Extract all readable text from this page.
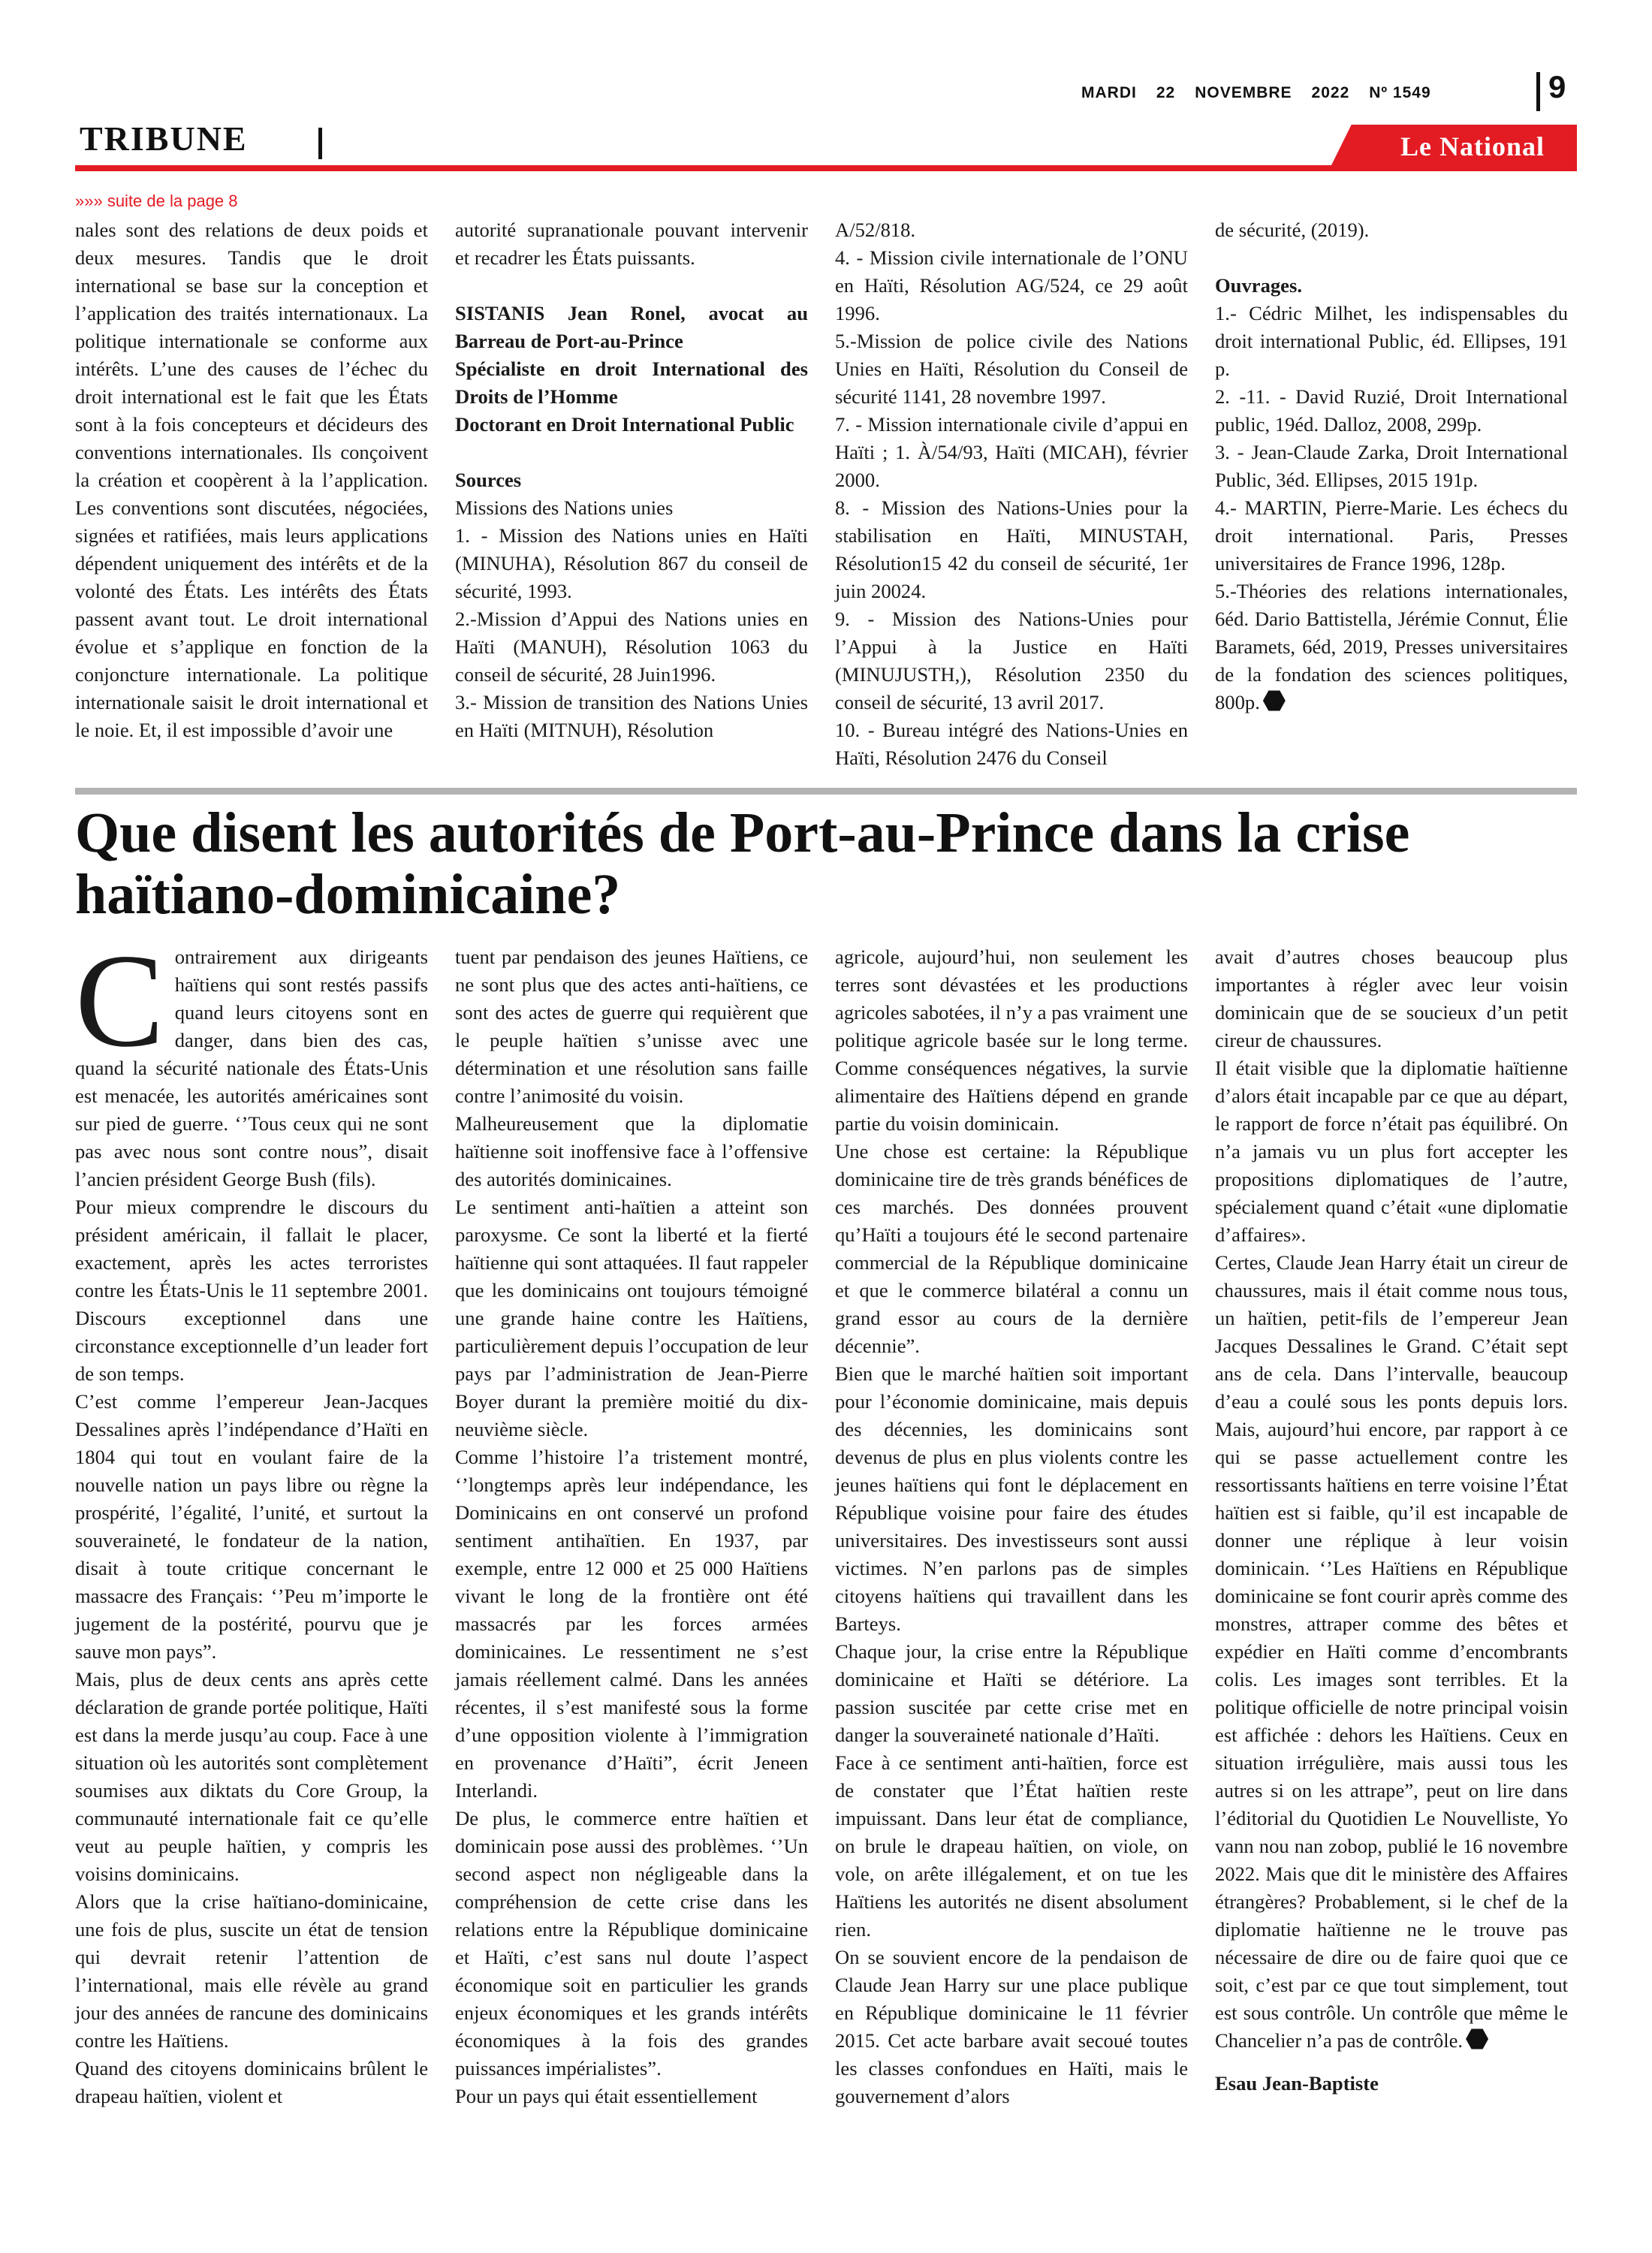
MARDI 22 NOVEMBRE 2022 Nº 1549	9
TRIBUNE	Le National
»»» suite de la page 8

nales sont des relations de deux poids et deux mesures. Tandis que le droit international se base sur la conception et l’application des traités internationaux. La politique internationale se conforme aux intérêts. L’une des causes de l’échec du droit international est le fait que les États sont à la fois concepteurs et décideurs des conventions internationales. Ils conçoivent la création et coopèrent à la l’application. Les conventions sont discutées, négociées, signées et ratifiées, mais leurs applications dépendent uniquement des intérêts et de la volonté des États. Les intérêts des États passent avant tout. Le droit international évolue et s’applique en fonction de la conjoncture internationale. La politique internationale saisit le droit international et le noie. Et, il est impossible d’avoir une

autorité supranationale pouvant intervenir et recadrer les États puissants.

SISTANIS Jean Ronel, avocat au Barreau de Port-au-Prince

Spécialiste en droit International des Droits de l’Homme

Doctorant en Droit International Public

Sources

Missions des Nations unies

1. - Mission des Nations unies en Haïti (MINUHA), Résolution 867 du conseil de sécurité, 1993.

2.-Mission d’Appui des Nations unies en Haïti (MANUH), Résolution 1063 du conseil de sécurité, 28 Juin1996.

3.- Mission de transition des Nations Unies en Haïti (MITNUH), Résolution

A/52/818.

4. - Mission civile internationale de l’ONU en Haïti, Résolution AG/524, ce 29 août 1996.

5.-Mission de police civile des Nations Unies en Haïti, Résolution du Conseil de sécurité 1141, 28 novembre 1997.

7. - Mission internationale civile d’appui en Haïti ; 1. À/54/93, Haïti (MICAH), février 2000.

8. - Mission des Nations-Unies pour la stabilisation en Haïti, MINUSTAH, Résolution15 42 du conseil de sécurité, 1er juin 20024.

9. - Mission des Nations-Unies pour l’Appui à la Justice en Haïti (MINUJUSTH,), Résolution 2350 du conseil de sécurité, 13 avril 2017.

10. - Bureau intégré des Nations-Unies en Haïti, Résolution 2476 du Conseil

de sécurité, (2019).

Ouvrages.

1.- Cédric Milhet, les indispensables du droit international Public, éd. Ellipses, 191 p.

2. -11. - David Ruzié, Droit International public, 19éd. Dalloz, 2008, 299p.

3. - Jean-Claude Zarka, Droit International Public, 3éd. Ellipses, 2015 191p.

4.- MARTIN, Pierre-Marie. Les échecs du droit international. Paris, Presses universitaires de France 1996, 128p.

5.-Théories des relations internationales, 6éd. Dario Battistella, Jérémie Connut, Élie Baramets, 6éd, 2019, Presses universitaires de la fondation des sciences politiques, 800p.

Que disent les autorités de Port-au-Prince dans la crise haïtiano-dominicaine?

Contrairement aux dirigeants haïtiens qui sont restés passifs quand leurs citoyens sont en danger, dans bien des cas, quand la sécurité nationale des États-Unis est menacée, les autorités américaines sont sur pied de guerre. ‘’Tous ceux qui ne sont pas avec nous sont contre nous”, disait l’ancien président George Bush (fils).

Pour mieux comprendre le discours du président américain, il fallait le placer, exactement, après les actes terroristes contre les États-Unis le 11 septembre 2001. Discours exceptionnel dans une circonstance exceptionnelle d’un leader fort de son temps.

C’est comme l’empereur Jean-Jacques Dessalines après l’indépendance d’Haïti en 1804 qui tout en voulant faire de la nouvelle nation un pays libre ou règne la prospérité, l’égalité, l’unité, et surtout la souveraineté, le fondateur de la nation, disait à toute critique concernant le massacre des Français: ‘’Peu m’importe le jugement de la postérité, pourvu que je sauve mon pays”.

Mais, plus de deux cents ans après cette déclaration de grande portée politique, Haïti est dans la merde jusqu’au coup. Face à une situation où les autorités sont complètement soumises aux diktats du Core Group, la communauté internationale fait ce qu’elle veut au peuple haïtien, y compris les voisins dominicains.

Alors que la crise haïtiano-dominicaine, une fois de plus, suscite un état de tension qui devrait retenir l’attention de l’international, mais elle révèle au grand jour des années de rancune des dominicains contre les Haïtiens.

Quand des citoyens dominicains brûlent le drapeau haïtien, violent et

tuent par pendaison des jeunes Haïtiens, ce ne sont plus que des actes anti-haïtiens, ce sont des actes de guerre qui requièrent que le peuple haïtien s’unisse avec une détermination et une résolution sans faille contre l’animosité du voisin.

Malheureusement que la diplomatie haïtienne soit inoffensive face à l’offensive des autorités dominicaines.

Le sentiment anti-haïtien a atteint son paroxysme. Ce sont la liberté et la fierté haïtienne qui sont attaquées. Il faut rappeler que les dominicains ont toujours témoigné une grande haine contre les Haïtiens, particulièrement depuis l’occupation de leur pays par l’administration de Jean-Pierre Boyer durant la première moitié du dix-neuvième siècle.

Comme l’histoire l’a tristement montré, ‘’longtemps après leur indépendance, les Dominicains en ont conservé un profond sentiment antihaïtien. En 1937, par exemple, entre 12 000 et 25 000 Haïtiens vivant le long de la frontière ont été massacrés par les forces armées dominicaines. Le ressentiment ne s’est jamais réellement calmé. Dans les années récentes, il s’est manifesté sous la forme d’une opposition violente à l’immigration en provenance d’Haïti”, écrit Jeneen Interlandi.

De plus, le commerce entre haïtien et dominicain pose aussi des problèmes. ‘’Un second aspect non négligeable dans la compréhension de cette crise dans les relations entre la République dominicaine et Haïti, c’est sans nul doute l’aspect économique soit en particulier les grands enjeux économiques et les grands intérêts économiques à la fois des grandes puissances impérialistes”.

Pour un pays qui était essentiellement

agricole, aujourd’hui, non seulement les terres sont dévastées et les productions agricoles sabotées, il n’y a pas vraiment une politique agricole basée sur le long terme. Comme conséquences négatives, la survie alimentaire des Haïtiens dépend en grande partie du voisin dominicain.

Une chose est certaine: la République dominicaine tire de très grands bénéfices de ces marchés. Des données prouvent qu’Haïti a toujours été le second partenaire commercial de la République dominicaine et que le commerce bilatéral a connu un grand essor au cours de la dernière décennie”.

Bien que le marché haïtien soit important pour l’économie dominicaine, mais depuis des décennies, les dominicains sont devenus de plus en plus violents contre les jeunes haïtiens qui font le déplacement en République voisine pour faire des études universitaires. Des investisseurs sont aussi victimes. N’en parlons pas de simples citoyens haïtiens qui travaillent dans les Barteys.

Chaque jour, la crise entre la République dominicaine et Haïti se détériore. La passion suscitée par cette crise met en danger la souveraineté nationale d’Haïti.

Face à ce sentiment anti-haïtien, force est de constater que l’État haïtien reste impuissant. Dans leur état de compliance, on brule le drapeau haïtien, on viole, on vole, on arête illégalement, et on tue les Haïtiens les autorités ne disent absolument rien.

On se souvient encore de la pendaison de Claude Jean Harry sur une place publique en République dominicaine le 11 février 2015. Cet acte barbare avait secoué toutes les classes confondues en Haïti, mais le gouvernement d’alors

avait d’autres choses beaucoup plus importantes à régler avec leur voisin dominicain que de se soucieux d’un petit cireur de chaussures.

Il était visible que la diplomatie haïtienne d’alors était incapable par ce que au départ, le rapport de force n’était pas équilibré. On n’a jamais vu un plus fort accepter les propositions diplomatiques de l’autre, spécialement quand c’était «une diplomatie d’affaires».

Certes, Claude Jean Harry était un cireur de chaussures, mais il était comme nous tous, un haïtien, petit-fils de l’empereur Jean Jacques Dessalines le Grand. C’était sept ans de cela. Dans l’intervalle, beaucoup d’eau a coulé sous les ponts depuis lors. Mais, aujourd’hui encore, par rapport à ce qui se passe actuellement contre les ressortissants haïtiens en terre voisine l’État haïtien est si faible, qu’il est incapable de donner une réplique à leur voisin dominicain. ‘’Les Haïtiens en République dominicaine se font courir après comme des monstres, attraper comme des bêtes et expédier en Haïti comme d’encombrants colis. Les images sont terribles. Et la politique officielle de notre principal voisin est affichée : dehors les Haïtiens. Ceux en situation irrégulière, mais aussi tous les autres si on les attrape”, peut on lire dans l’éditorial du Quotidien Le Nouvelliste, Yo vann nou nan zobop, publié le 16 novembre 2022. Mais que dit le ministère des Affaires étrangères? Probablement, si le chef de la diplomatie haïtienne ne le trouve pas nécessaire de dire ou de faire quoi que ce soit, c’est par ce que tout simplement, tout est sous contrôle. Un contrôle que même le Chancelier n’a pas de contrôle.

Esau Jean-Baptiste
